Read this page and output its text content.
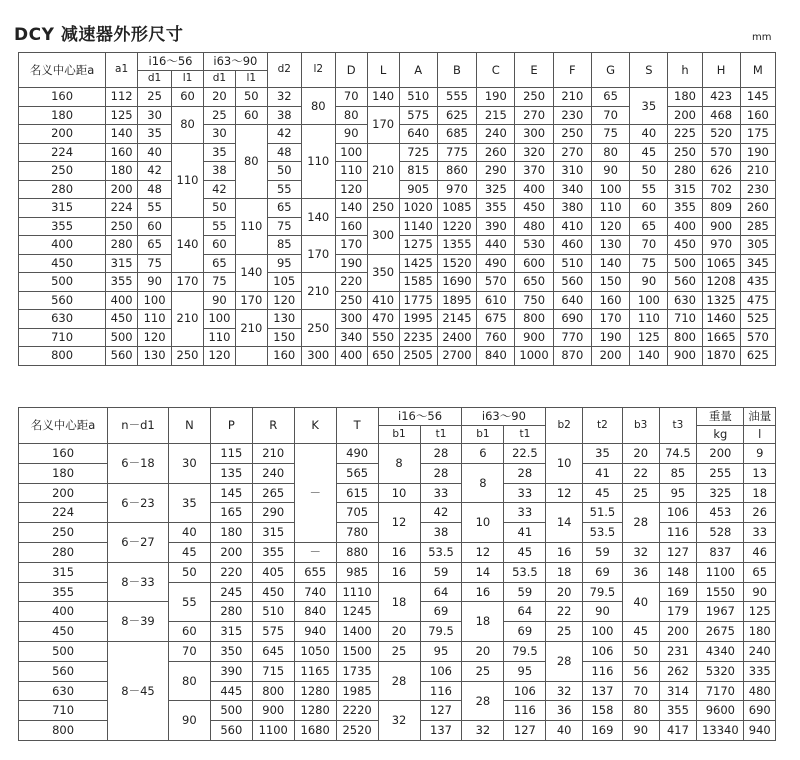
DCY 减速器外形尺寸	mm
名义中心距a	a1	i16～56		i63～90		d2	l2	D	L	A	B	C	E	F	G	S	h	H	M
		d1	l1	d1	l1														
160	112	25	60	20	50	32	80	70	140	510	555	190	250	210	65	35	180	423	145
180	125	30	80	25	60	38		80	170	575	625	215	270	230	70		200	468	160
200	140	35		30	80	42	110	90		640	685	240	300	250	75	40	225	520	175
224	160	40	110	35		48		100	210	725	775	260	320	270	80	45	250	570	190
250	180	42		38		50		110		815	860	290	370	310	90	50	280	626	210
280	200	48		42		55		120		905	970	325	400	340	100	55	315	702	230
315	224	55		50	110	65	140	140	250	1020	1085	355	450	380	110	60	355	809	260
355	250	60	140	55		75		160	300	1140	1220	390	480	410	120	65	400	900	285
400	280	65		60		85	170	170		1275	1355	440	530	460	130	70	450	970	305
450	315	75		65	140	95		190	350	1425	1520	490	600	510	140	75	500	1065	345
500	355	90	170	75		105	210	220		1585	1690	570	650	560	150	90	560	1208	435
560	400	100	210	90	170	120		250	410	1775	1895	610	750	640	160	100	630	1325	475
630	450	110		100	210	130	250	300	470	1995	2145	675	800	690	170	110	710	1460	525
710	500	120		110		150		340	550	2235	2400	760	900	770	190	125	800	1665	570
800	560	130	250	120		160	300	400	650	2505	2700	840	1000	870	200	140	900	1870	625
名义中心距a	n－d1	N	P	R	K	T	i16～56		i63～90		b2	t2	b3	t3	重量	油量
							b1	t1	b1	t1					kg	l
160	6－18	30	115	210	－	490	8	28	6	22.5	10	35	20	74.5	200	9
180			135	240		565		28	8	28		41	22	85	255	13
200	6－23	35	145	265		615	10	33		33	12	45	25	95	325	18
224			165	290		705	12	42	10	33	14	51.5	28	106	453	26
250	6－27	40	180	315		780		38		41		53.5		116	528	33
280		45	200	355	－	880	16	53.5	12	45	16	59	32	127	837	46
315	8－33	50	220	405	655	985	16	59	14	53.5	18	69	36	148	1100	65
355		55	245	450	740	1110	18	64	16	59	20	79.5	40	169	1550	90
400	8－39		280	510	840	1245		69	18	64	22	90		179	1967	125
450		60	315	575	940	1400	20	79.5		69	25	100	45	200	2675	180
500	8－45	70	350	645	1050	1500	25	95	20	79.5	28	106	50	231	4340	240
560		80	390	715	1165	1735	28	106	25	95		116	56	262	5320	335
630			445	800	1280	1985		116	28	106	32	137	70	314	7170	480
710		90	500	900	1280	2220	32	127		116	36	158	80	355	9600	690
800			560	1100	1680	2520		137	32	127	40	169	90	417	13340	940
